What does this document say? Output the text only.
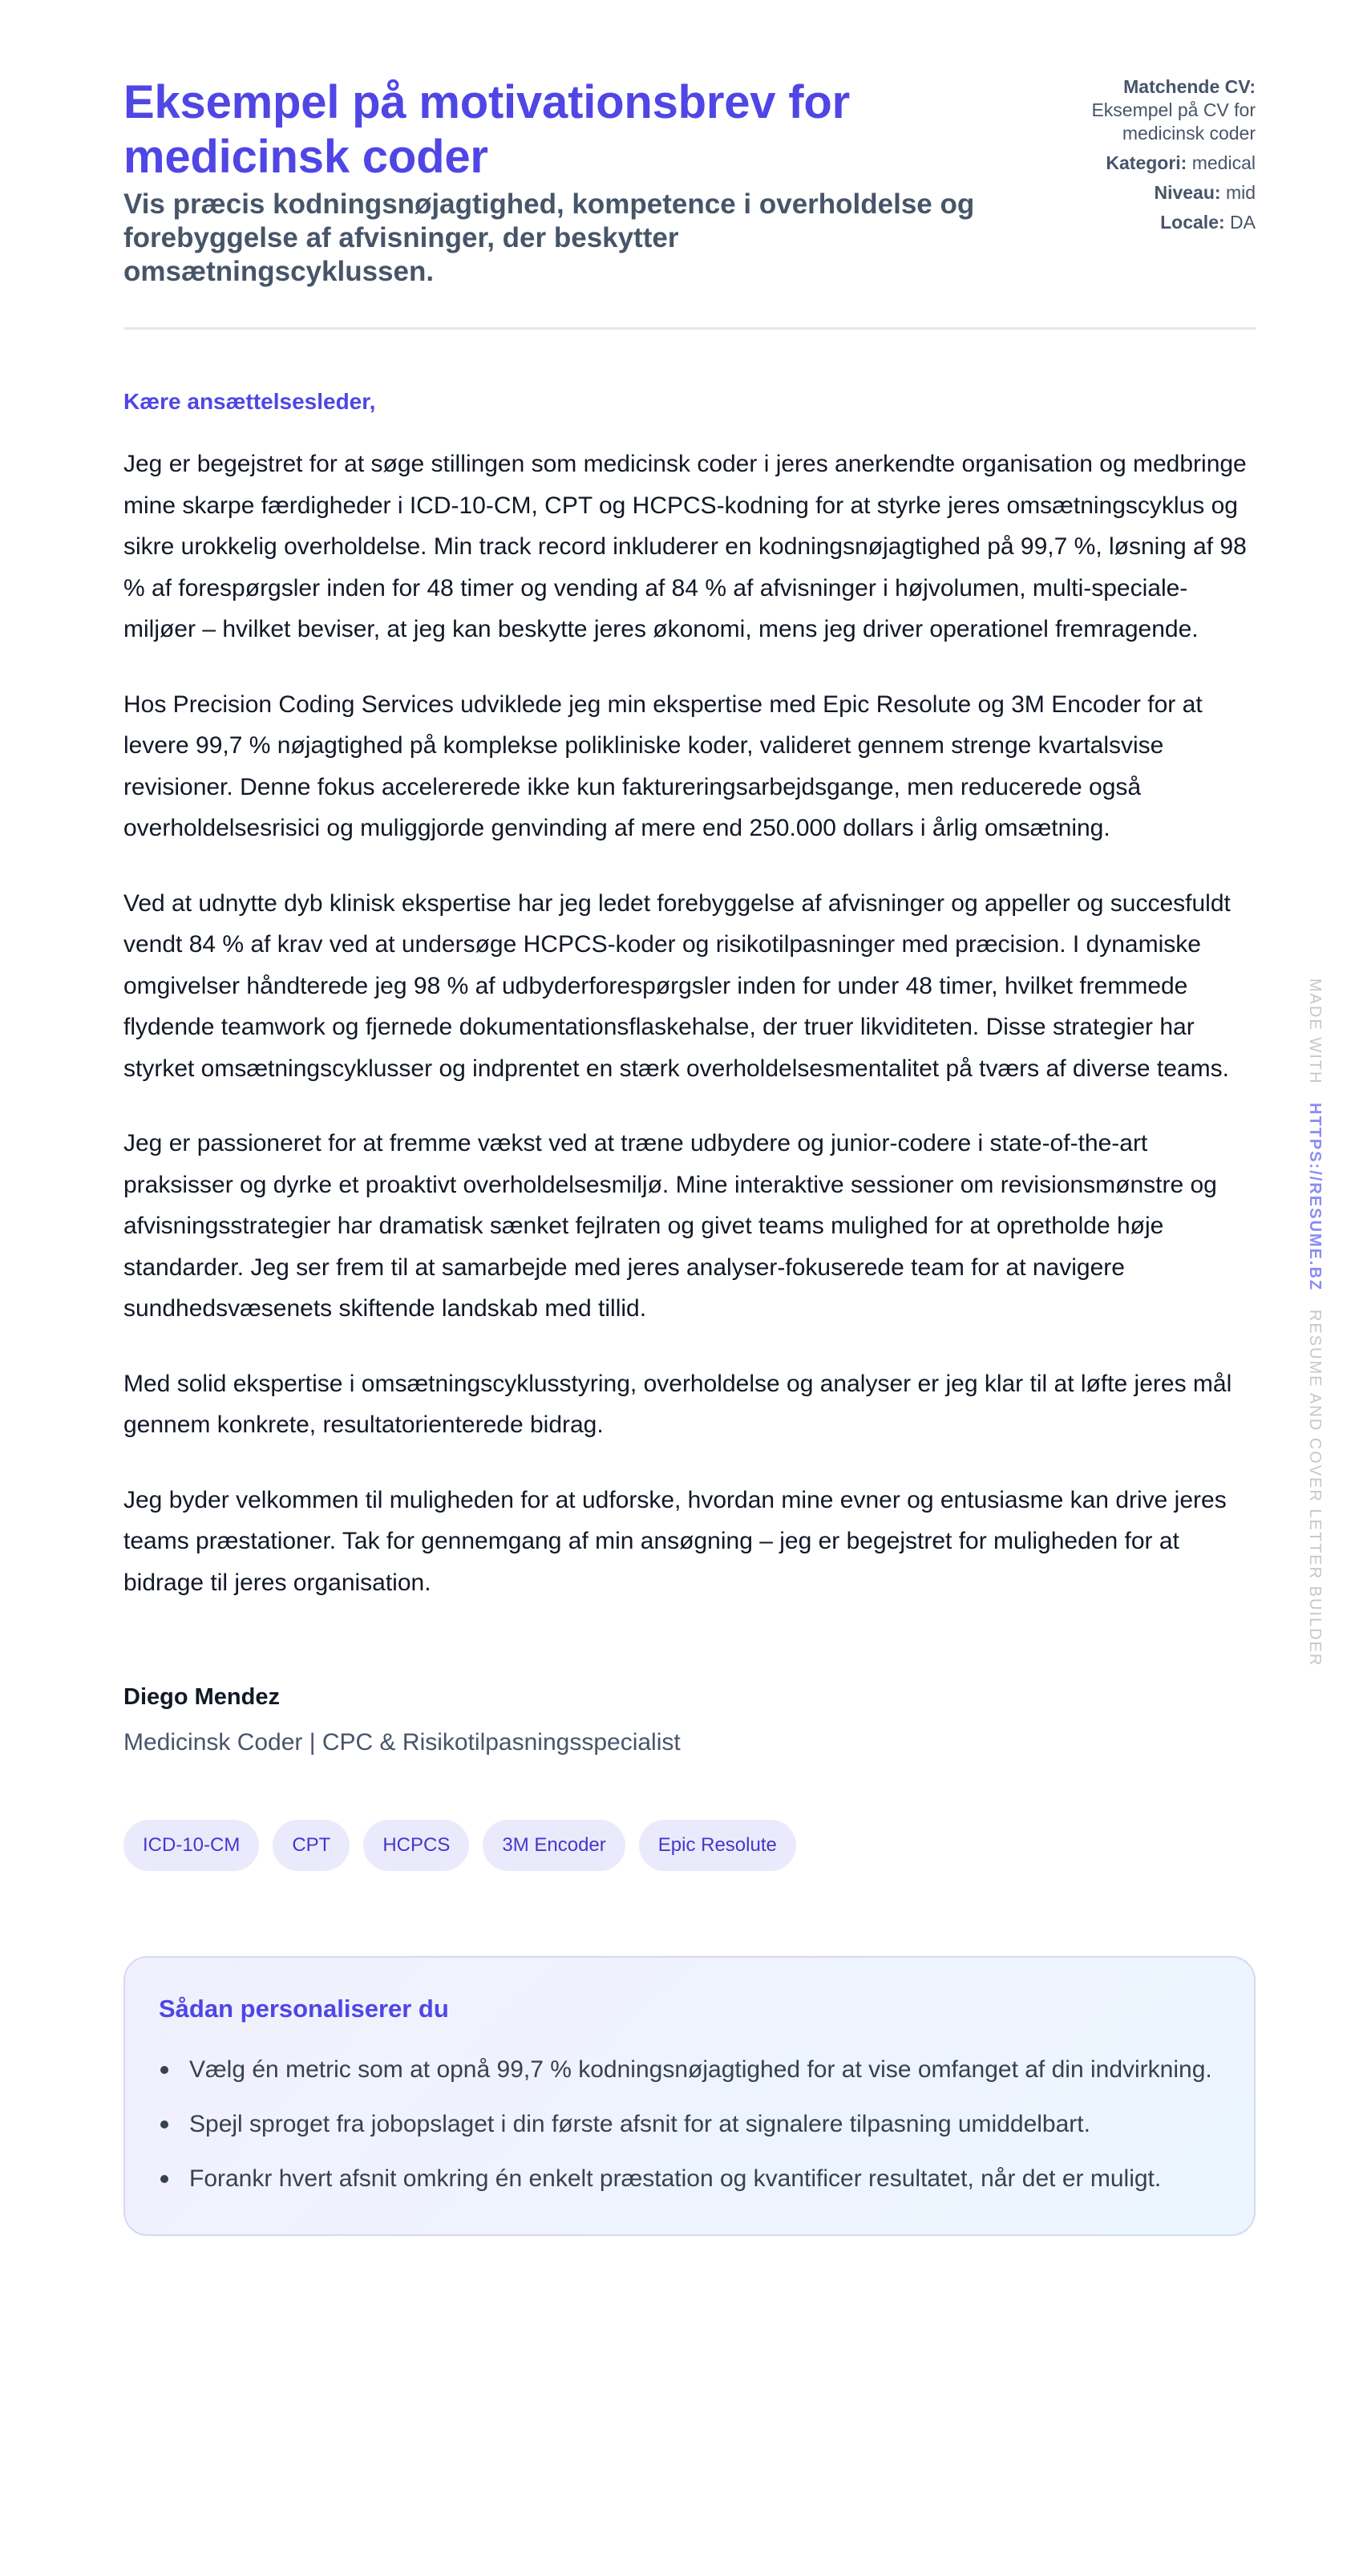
Eksempel på motivationsbrev for medicinsk coder

Vis præcis kodningsnøjagtighed, kompetence i overholdelse og forebyggelse af afvisninger, der beskytter omsætningscyklussen.

Matchende CV:
Eksempel på CV for medicinsk coder
Kategori: medical
Niveau: mid
Locale: DA

Kære ansættelsesleder,

Jeg er begejstret for at søge stillingen som medicinsk coder i jeres anerkendte organisation og medbringe mine skarpe færdigheder i ICD-10-CM, CPT og HCPCS-kodning for at styrke jeres omsætningscyklus og sikre urokkelig overholdelse. Min track record inkluderer en kodningsnøjagtighed på 99,7 %, løsning af 98 % af forespørgsler inden for 48 timer og vending af 84 % af afvisninger i højvolumen, multi-speciale-miljøer – hvilket beviser, at jeg kan beskytte jeres økonomi, mens jeg driver operationel fremragende.

Hos Precision Coding Services udviklede jeg min ekspertise med Epic Resolute og 3M Encoder for at levere 99,7 % nøjagtighed på komplekse polikliniske koder, valideret gennem strenge kvartalsvise revisioner. Denne fokus accelererede ikke kun faktureringsarbejdsgange, men reducerede også overholdelsesrisici og muliggjorde genvinding af mere end 250.000 dollars i årlig omsætning.

Ved at udnytte dyb klinisk ekspertise har jeg ledet forebyggelse af afvisninger og appeller og succesfuldt vendt 84 % af krav ved at undersøge HCPCS-koder og risikotilpasninger med præcision. I dynamiske omgivelser håndterede jeg 98 % af udbyderforespørgsler inden for under 48 timer, hvilket fremmede flydende teamwork og fjernede dokumentationsflaskehalse, der truer likviditeten. Disse strategier har styrket omsætningscyklusser og indprentet en stærk overholdelsesmentalitet på tværs af diverse teams.

Jeg er passioneret for at fremme vækst ved at træne udbydere og junior-codere i state-of-the-art praksisser og dyrke et proaktivt overholdelsesmiljø. Mine interaktive sessioner om revisionsmønstre og afvisningsstrategier har dramatisk sænket fejlraten og givet teams mulighed for at opretholde høje standarder. Jeg ser frem til at samarbejde med jeres analyser-fokuserede team for at navigere sundhedsvæsenets skiftende landskab med tillid.

Med solid ekspertise i omsætningscyklusstyring, overholdelse og analyser er jeg klar til at løfte jeres mål gennem konkrete, resultatorienterede bidrag.

Jeg byder velkommen til muligheden for at udforske, hvordan mine evner og entusiasme kan drive jeres teams præstationer. Tak for gennemgang af min ansøgning – jeg er begejstret for muligheden for at bidrage til jeres organisation.

Diego Mendez

Medicinsk Coder | CPC & Risikotilpasningsspecialist

ICD-10-CM	CPT	HCPCS	3M Encoder	Epic Resolute
Sådan personaliserer du
Vælg én metric som at opnå 99,7 % kodningsnøjagtighed for at vise omfanget af din indvirkning.
Spejl sproget fra jobopslaget i din første afsnit for at signalere tilpasning umiddelbart.
Forankr hvert afsnit omkring én enkelt præstation og kvantificer resultatet, når det er muligt.
MADE WITH   HTTPS://RESUME.BZ   RESUME AND COVER LETTER BUILDER
